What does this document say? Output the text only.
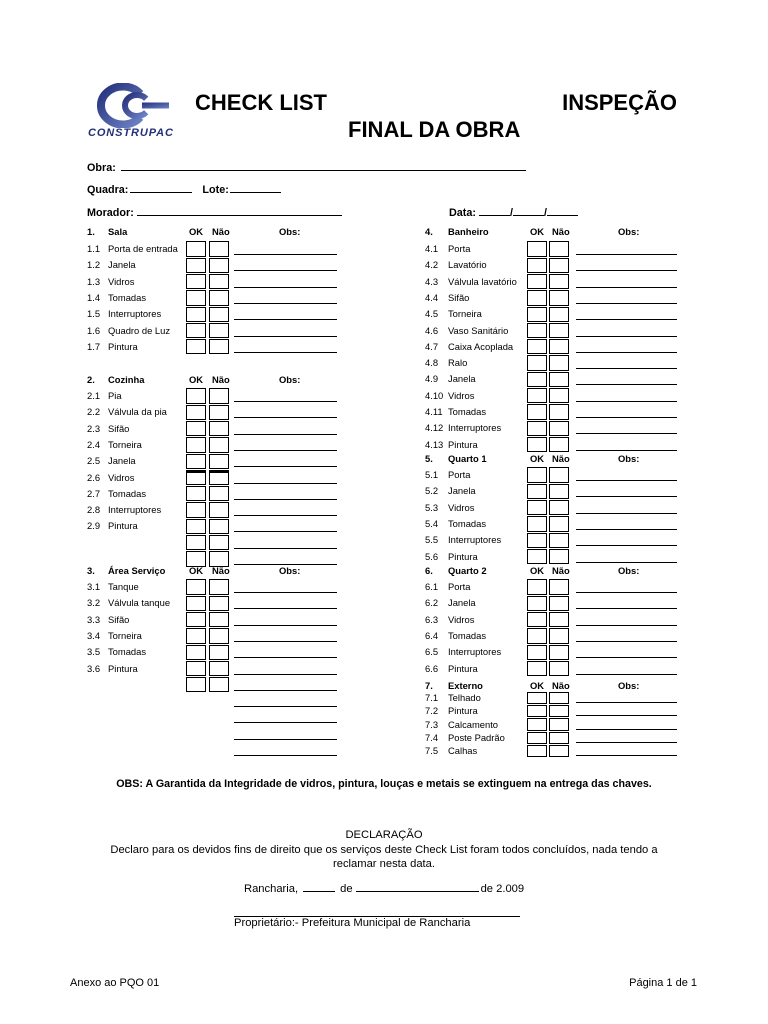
CONSTRUPAC
CHECK LIST	INSPEÇÃO
FINAL DA OBRA
Obra:
Quadra:	Lote:
Morador:	Data:	/	/
1. Sala	OK Não	Obs:
1.1 Porta de entrada
1.2 Janela
1.3 Vidros
1.4 Tomadas
1.5 Interruptores
1.6 Quadro de Luz
1.7 Pintura
2. Cozinha	OK Não	Obs:
2.1 Pia
2.2 Válvula da pia
2.3 Sifão
2.4 Torneira
2.5 Janela
2.6 Vidros
2.7 Tomadas
2.8 Interruptores
2.9 Pintura
3. Área Serviço	OK Não	Obs:
3.1 Tanque
3.2 Válvula tanque
3.3 Sifão
3.4 Torneira
3.5 Tomadas
3.6 Pintura
4. Banheiro	OK Não	Obs:
4.1 Porta
4.2 Lavatório
4.3 Válvula lavatório
4.4 Sifão
4.5 Torneira
4.6 Vaso Sanitário
4.7 Caixa Acoplada
4.8 Ralo
4.9 Janela
4.10 Vidros
4.11 Tomadas
4.12 Interruptores
4.13 Pintura
5. Quarto 1	OK Não	Obs:
5.1 Porta
5.2 Janela
5.3 Vidros
5.4 Tomadas
5.5 Interruptores
5.6 Pintura
6. Quarto 2	OK Não	Obs:
6.1 Porta
6.2 Janela
6.3 Vidros
6.4 Tomadas
6.5 Interruptores
6.6 Pintura
7. Externo	OK Não	Obs:
7.1 Telhado
7.2 Pintura
7.3 Calcamento
7.4 Poste Padrão
7.5 Calhas
OBS: A Garantida da Integridade de vidros, pintura, louças e metais se extinguem na entrega das chaves.
DECLARAÇÃO
Declaro para os devidos fins de direito que os serviços deste Check List foram todos concluídos, nada tendo a
reclamar nesta data.
Rancharia,	de	de 2.009
Proprietário:- Prefeitura Municipal de Rancharia
Anexo ao PQO 01	Página 1 de 1
